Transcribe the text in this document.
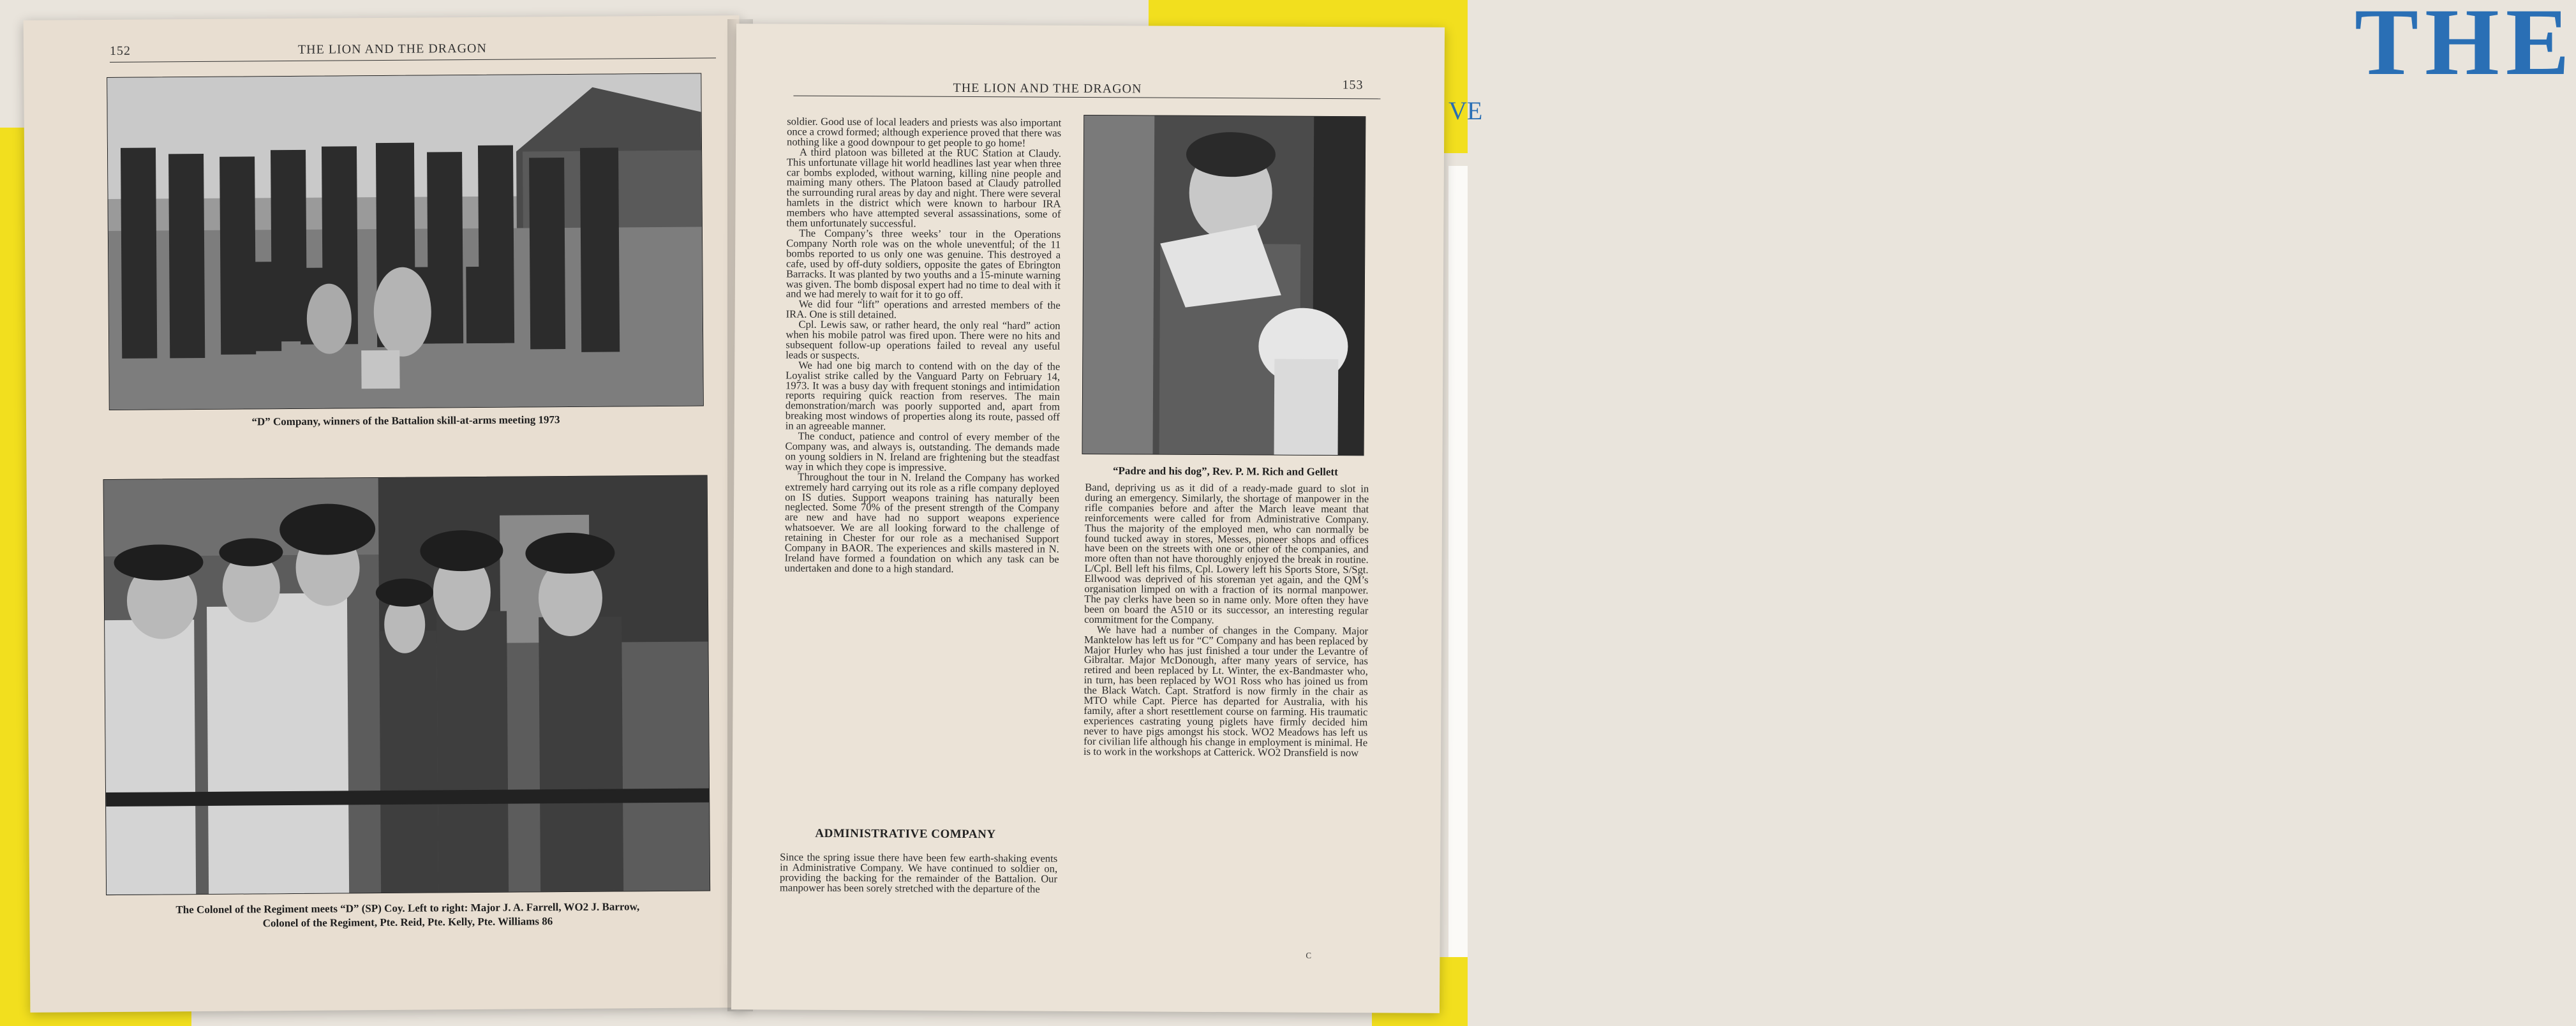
THE
VE
152	THE LION AND THE DRAGON
“D” Company, winners of the Battalion skill-at-arms meeting 1973
The Colonel of the Regiment meets “D” (SP) Coy. Left to right: Major J. A. Farrell, WO2 J. Barrow,
Colonel of the Regiment, Pte. Reid, Pte. Kelly, Pte. Williams 86
THE LION AND THE DRAGON	153

soldier. Good use of local leaders and priests was also important once a crowd formed; although experience proved that there was nothing like a good downpour to get people to go home!

A third platoon was billeted at the RUC Station at Claudy. This unfortunate village hit world headlines last year when three car bombs exploded, without warning, killing nine people and maiming many others. The Platoon based at Claudy patrolled the surrounding rural areas by day and night. There were several hamlets in the district which were known to harbour IRA members who have attempted several assassinations, some of them unfortunately successful.

The Company’s three weeks’ tour in the Operations Company North role was on the whole uneventful; of the 11 bombs reported to us only one was genuine. This destroyed a cafe, used by off-duty soldiers, opposite the gates of Ebrington Barracks. It was planted by two youths and a 15-minute warning was given. The bomb disposal expert had no time to deal with it and we had merely to wait for it to go off.

We did four “lift” operations and arrested members of the IRA. One is still detained.

Cpl. Lewis saw, or rather heard, the only real “hard” action when his mobile patrol was fired upon. There were no hits and subsequent follow-up operations failed to reveal any useful leads or suspects.

We had one big march to contend with on the day of the Loyalist strike called by the Vanguard Party on February 14, 1973. It was a busy day with frequent stonings and intimidation reports requiring quick reaction from reserves. The main demonstration/march was poorly supported and, apart from breaking most windows of properties along its route, passed off in an agreeable manner.

The conduct, patience and control of every member of the Company was, and always is, outstanding. The demands made on young soldiers in N. Ireland are frightening but the steadfast way in which they cope is impressive.

Throughout the tour in N. Ireland the Company has worked extremely hard carrying out its role as a rifle company deployed on IS duties. Support weapons training has naturally been neglected. Some 70% of the present strength of the Company are new and have had no support weapons experience whatsoever. We are all looking forward to the challenge of retaining in Chester for our role as a mechanised Support Company in BAOR. The experiences and skills mastered in N. Ireland have formed a foundation on which any task can be undertaken and done to a high standard.

ADMINISTRATIVE COMPANY

Since the spring issue there have been few earth-shaking events in Administrative Company. We have continued to soldier on, providing the backing for the remainder of the Battalion. Our manpower has been sorely stretched with the departure of the

“Padre and his dog”, Rev. P. M. Rich and Gellett

Band, depriving us as it did of a ready-made guard to slot in during an emergency. Similarly, the shortage of manpower in the rifle companies before and after the March leave meant that reinforcements were called for from Administrative Company. Thus the majority of the employed men, who can normally be found tucked away in stores, Messes, pioneer shops and offices have been on the streets with one or other of the companies, and more often than not have thoroughly enjoyed the break in routine. L/Cpl. Bell left his films, Cpl. Lowery left his Sports Store, S/Sgt. Ellwood was deprived of his storeman yet again, and the QM’s organisation limped on with a fraction of its normal manpower. The pay clerks have been so in name only. More often they have been on board the A510 or its successor, an interesting regular commitment for the Company.

We have had a number of changes in the Company. Major Manktelow has left us for “C” Company and has been replaced by Major Hurley who has just finished a tour under the Levantre of Gibraltar. Major McDonough, after many years of service, has retired and been replaced by Lt. Winter, the ex-Bandmaster who, in turn, has been replaced by WO1 Ross who has joined us from the Black Watch. Capt. Stratford is now firmly in the chair as MTO while Capt. Pierce has departed for Australia, with his family, after a short resettlement course on farming. His traumatic experiences castrating young piglets have firmly decided him never to have pigs amongst his stock. WO2 Meadows has left us for civilian life although his change in employment is minimal. He is to work in the workshops at Catterick. WO2 Dransfield is now

C
